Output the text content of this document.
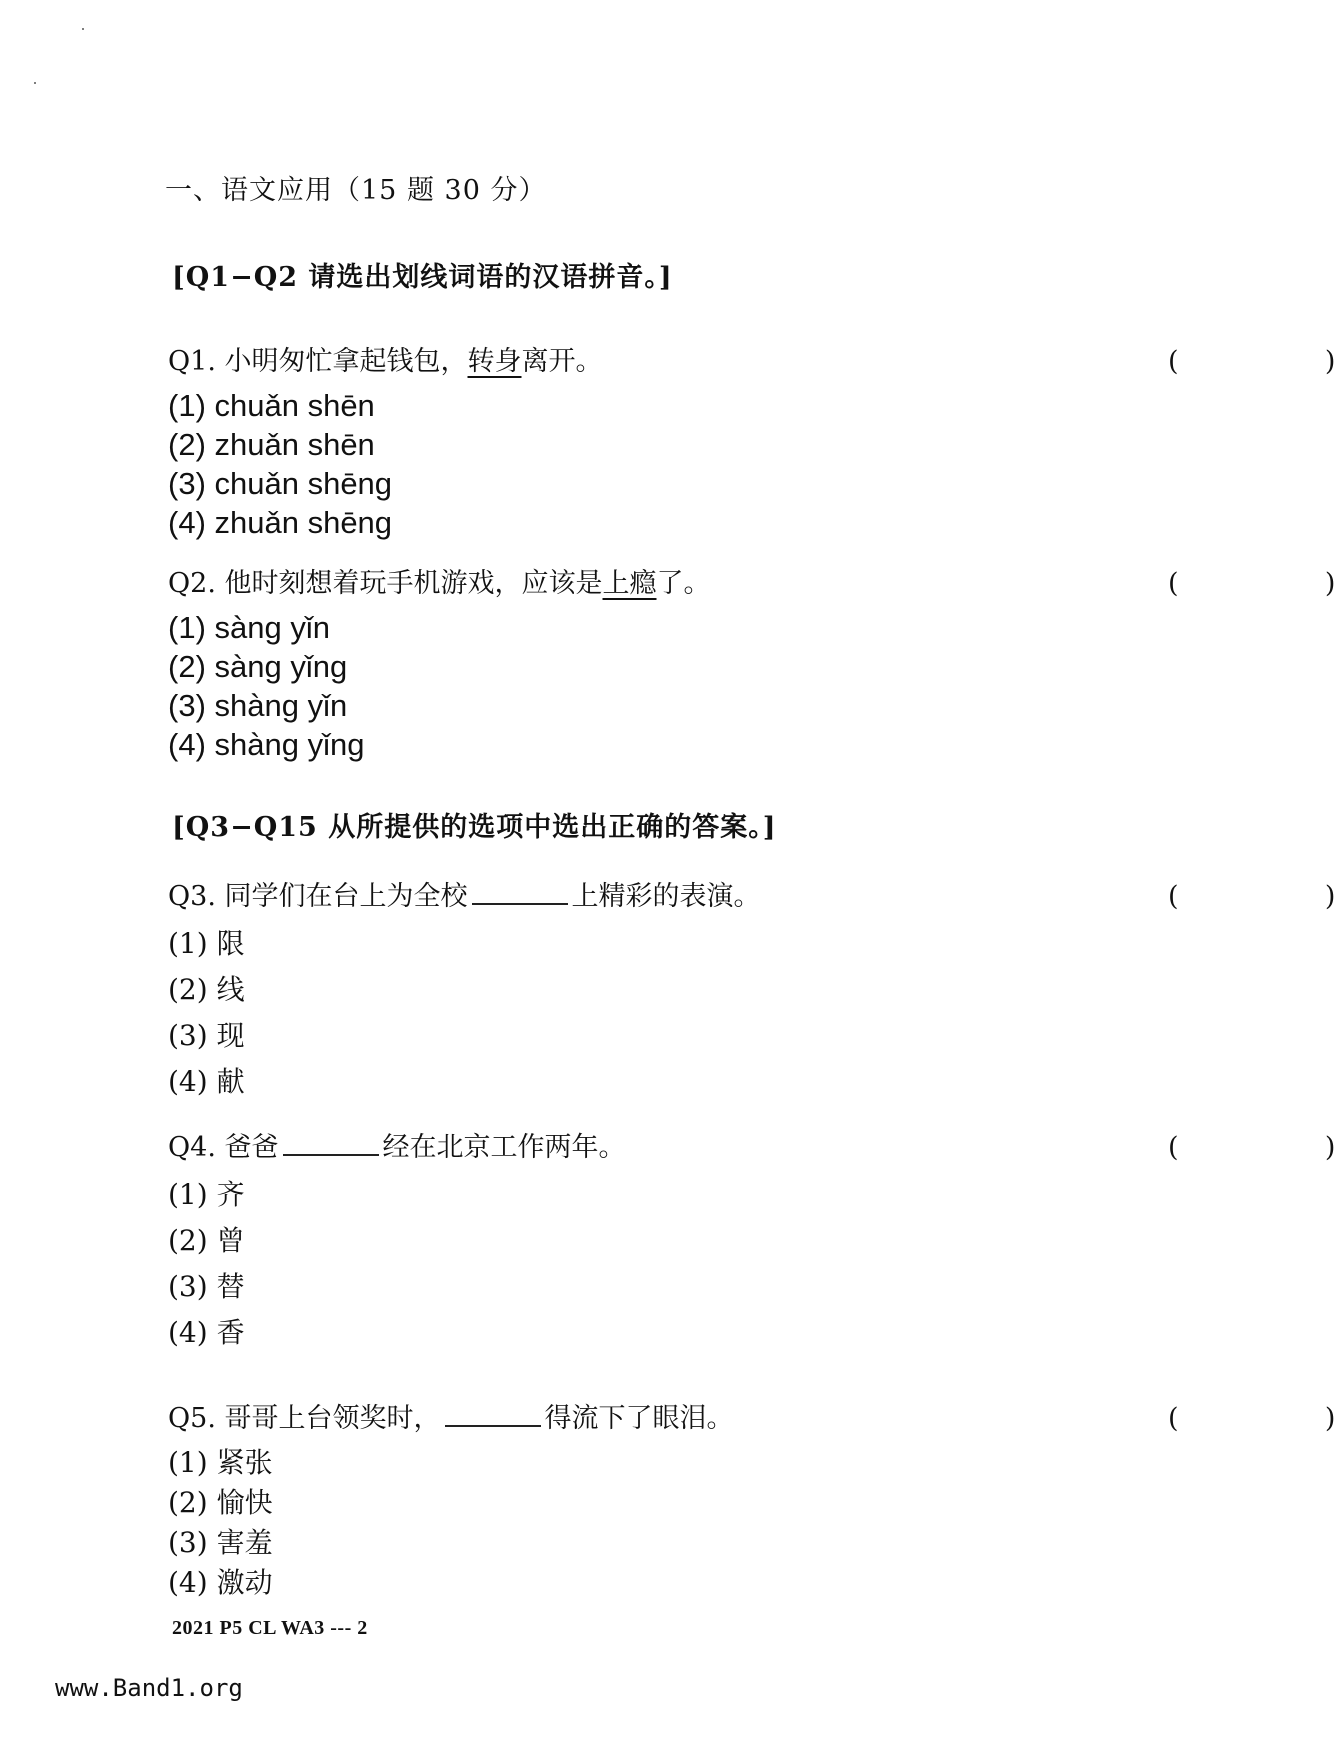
一、语文应用（15 题 30 分）
[Q1−Q2 请选出划线词语的汉语拼音。]
Q1. 小明匆忙拿起钱包，转身离开。	(    )
(1) chuǎn shēn
(2) zhuǎn shēn
(3) chuǎn shēng
(4) zhuǎn shēng
Q2. 他时刻想着玩手机游戏，应该是上瘾了。	(    )
(1) sàng yǐn
(2) sàng yǐng
(3) shàng yǐn
(4) shàng yǐng
[Q3−Q15 从所提供的选项中选出正确的答案。]
Q3. 同学们在台上为全校	上精彩的表演。	(    )
(1) 限
(2) 线
(3) 现
(4) 献
Q4. 爸爸	经在北京工作两年。	(    )
(1) 齐
(2) 曾
(3) 替
(4) 香
Q5. 哥哥上台领奖时，	得流下了眼泪。	(    )
(1) 紧张
(2) 愉快
(3) 害羞
(4) 激动
2021 P5 CL WA3 --- 2
www.Band1.org
